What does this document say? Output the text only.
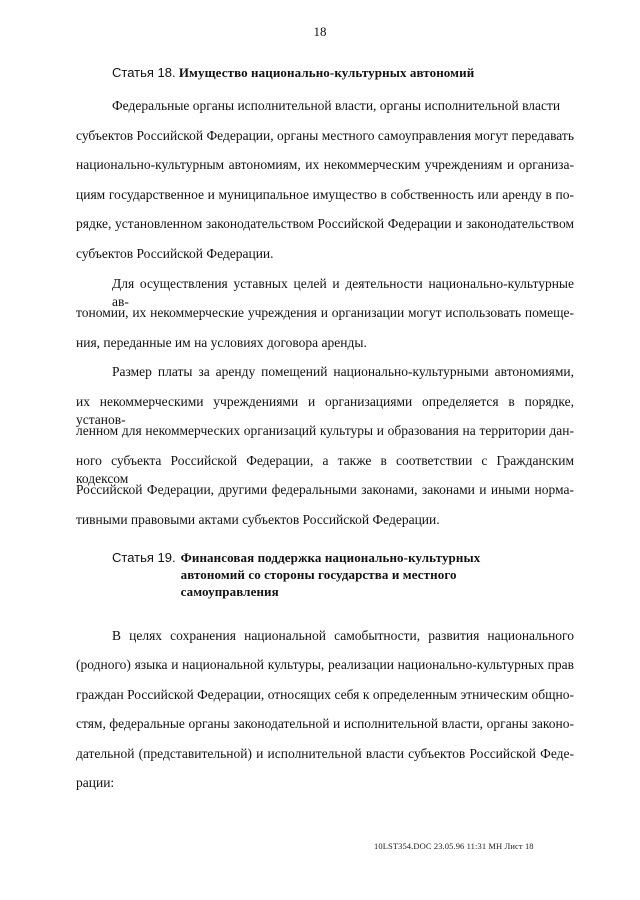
18
Статья 18. Имущество национально-культурных автономий
Федеральные органы исполнительной власти, органы исполнительной власти
субъектов Российской Федерации, органы местного самоуправления могут передавать
национально-культурным автономиям, их некоммерческим учреждениям и организа-
циям государственное и муниципальное имущество в собственность или аренду в по-
рядке, установленном законодательством Российской Федерации и законодательством
субъектов Российской Федерации.
Для осуществления уставных целей и деятельности национально-культурные ав-
тономии, их некоммерческие учреждения и организации могут использовать помеще-
ния, переданные им на условиях договора аренды.
Размер платы за аренду помещений национально-культурными автономиями,
их некоммерческими учреждениями и организациями определяется в порядке, установ-
ленном для некоммерческих организаций культуры и образования на территории дан-
ного субъекта Российской Федерации, а также в соответствии с Гражданским кодексом
Российской Федерации, другими федеральными законами, законами и иными норма-
тивными правовыми актами субъектов Российской Федерации.
Статья 19. Финансовая поддержка национально-культурных
автономий со стороны государства и местного
самоуправления
В целях сохранения национальной самобытности, развития национального
(родного) языка и национальной культуры, реализации национально-культурных прав
граждан Российской Федерации, относящих себя к определенным этническим общно-
стям, федеральные органы законодательной и исполнительной власти, органы законо-
дательной (представительной) и исполнительной власти субъектов Российской Феде-
рации:
10LST354.DOC 23.05.96 11:31 МН Лист 18
